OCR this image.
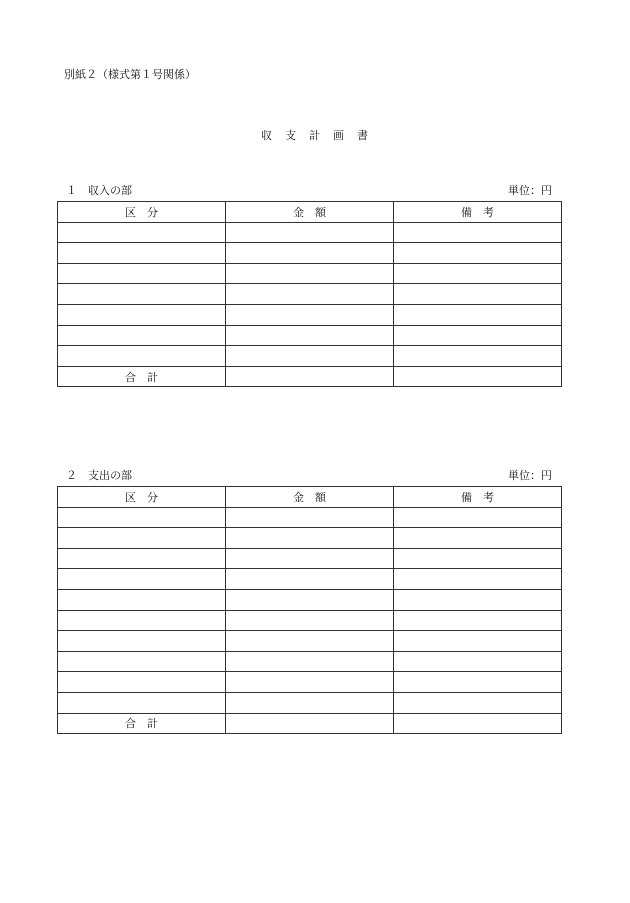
別紙２（様式第１号関係）
収　支　計　画　書
１　収入の部	単位：円
区　分	金　額	備　考

合　計		
２　支出の部	単位：円
区　分	金　額	備　考

合　計		
